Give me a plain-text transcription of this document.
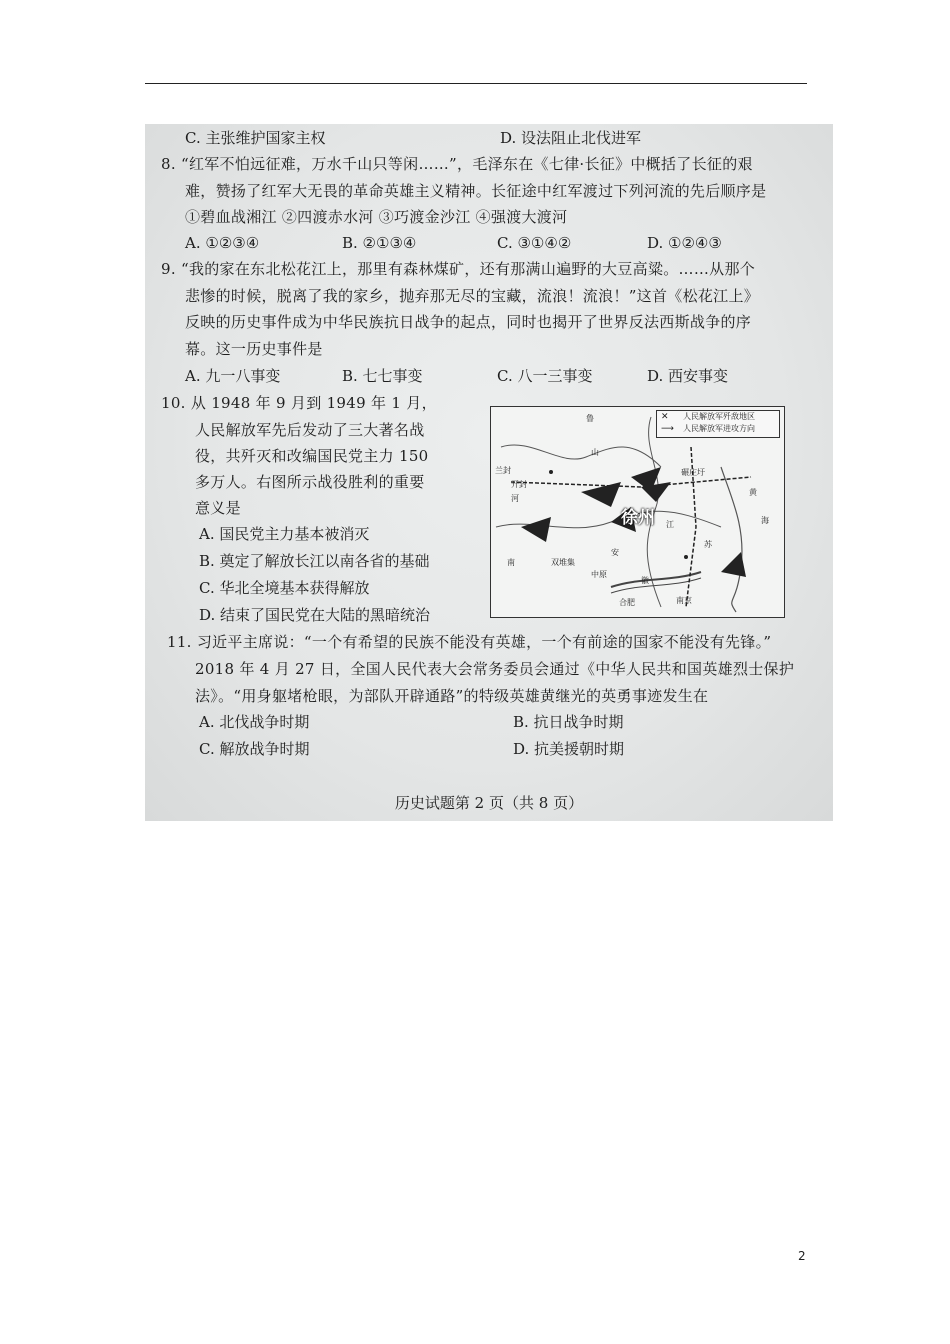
C. 主张维护国家主权	D. 设法阻止北伐进军
8. “红军不怕远征难，万水千山只等闲……”，毛泽东在《七律·长征》中概括了长征的艰
难，赞扬了红军大无畏的革命英雄主义精神。长征途中红军渡过下列河流的先后顺序是
①碧血战湘江 ②四渡赤水河 ③巧渡金沙江 ④强渡大渡河
A. ①②③④	B. ②①③④	C. ③①④②	D. ①②④③
9. “我的家在东北松花江上，那里有森林煤矿，还有那满山遍野的大豆高粱。……从那个
悲惨的时候，脱离了我的家乡，抛弃那无尽的宝藏，流浪！流浪！”这首《松花江上》
反映的历史事件成为中华民族抗日战争的起点，同时也揭开了世界反法西斯战争的序
幕。这一历史事件是
A. 九一八事变	B. 七七事变	C. 八一三事变	D. 西安事变
10. 从 1948 年 9 月到 1949 年 1 月，
人民解放军先后发动了三大著名战
役，共歼灭和改编国民党主力 150
多万人。右图所示战役胜利的重要
意义是
A. 国民党主力基本被消灭
B. 奠定了解放长江以南各省的基础
C. 华北全境基本获得解放
D. 结束了国民党在大陆的黑暗统治
✕ 人民解放军歼敌地区
⟶ 人民解放军进攻方向
徐州
鲁
山
兰封
开封
河
碾庄圩
江
苏
黄
海
南	双堆集
中原
合肥	南京
安
徽
11. 习近平主席说：“一个有希望的民族不能没有英雄，一个有前途的国家不能没有先锋。”
2018 年 4 月 27 日，全国人民代表大会常务委员会通过《中华人民共和国英雄烈士保护
法》。“用身躯堵枪眼，为部队开辟通路”的特级英雄黄继光的英勇事迹发生在
A. 北伐战争时期	B. 抗日战争时期
C. 解放战争时期	D. 抗美援朝时期
历史试题第 2 页（共 8 页）
2
